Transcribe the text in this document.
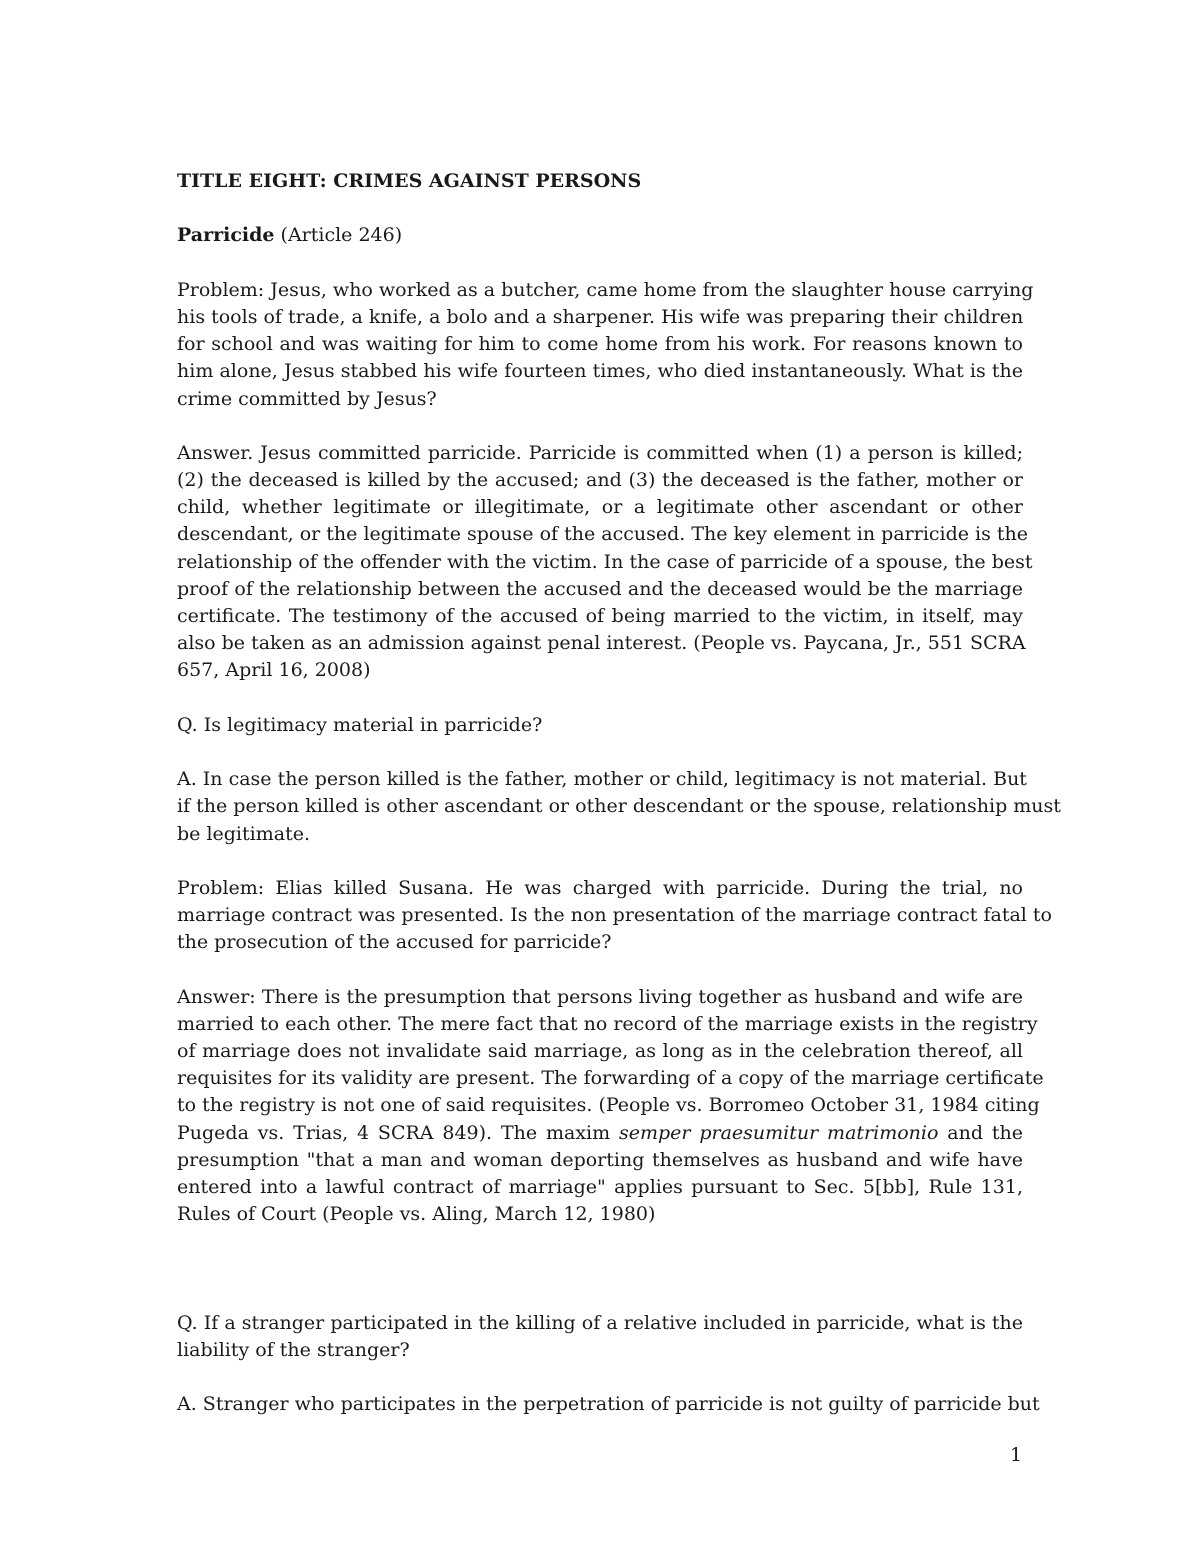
TITLE EIGHT: CRIMES AGAINST PERSONS
Parricide (Article 246)
Problem: Jesus, who worked as a butcher, came home from the slaughter house carrying
his tools of trade, a knife, a bolo and a sharpener. His wife was preparing their children
for school and was waiting for him to come home from his work. For reasons known to
him alone, Jesus stabbed his wife fourteen times, who died instantaneously. What is the
crime committed by Jesus?
Answer. Jesus committed parricide. Parricide is committed when (1) a person is killed;
(2) the deceased is killed by the accused; and (3) the deceased is the father, mother or
child, whether legitimate or illegitimate, or a legitimate other ascendant or other
descendant, or the legitimate spouse of the accused. The key element in parricide is the
relationship of the offender with the victim. In the case of parricide of a spouse, the best
proof of the relationship between the accused and the deceased would be the marriage
certificate. The testimony of the accused of being married to the victim, in itself, may
also be taken as an admission against penal interest. (People vs. Paycana, Jr., 551 SCRA
657, April 16, 2008)
Q. Is legitimacy material in parricide?
A. In case the person killed is the father, mother or child, legitimacy is not material. But
if the person killed is other ascendant or other descendant or the spouse, relationship must
be legitimate.
Problem: Elias killed Susana. He was charged with parricide. During the trial, no
marriage contract was presented. Is the non presentation of the marriage contract fatal to
the prosecution of the accused for parricide?
Answer: There is the presumption that persons living together as husband and wife are
married to each other. The mere fact that no record of the marriage exists in the registry
of marriage does not invalidate said marriage, as long as in the celebration thereof, all
requisites for its validity are present. The forwarding of a copy of the marriage certificate
to the registry is not one of said requisites. (People vs. Borromeo October 31, 1984 citing
Pugeda vs. Trias, 4 SCRA 849). The maxim semper praesumitur matrimonio and the
presumption "that a man and woman deporting themselves as husband and wife have
entered into a lawful contract of marriage" applies pursuant to Sec. 5[bb], Rule 131,
Rules of Court (People vs. Aling, March 12, 1980)
Q. If a stranger participated in the killing of a relative included in parricide, what is the
liability of the stranger?
A. Stranger who participates in the perpetration of parricide is not guilty of parricide but
1
